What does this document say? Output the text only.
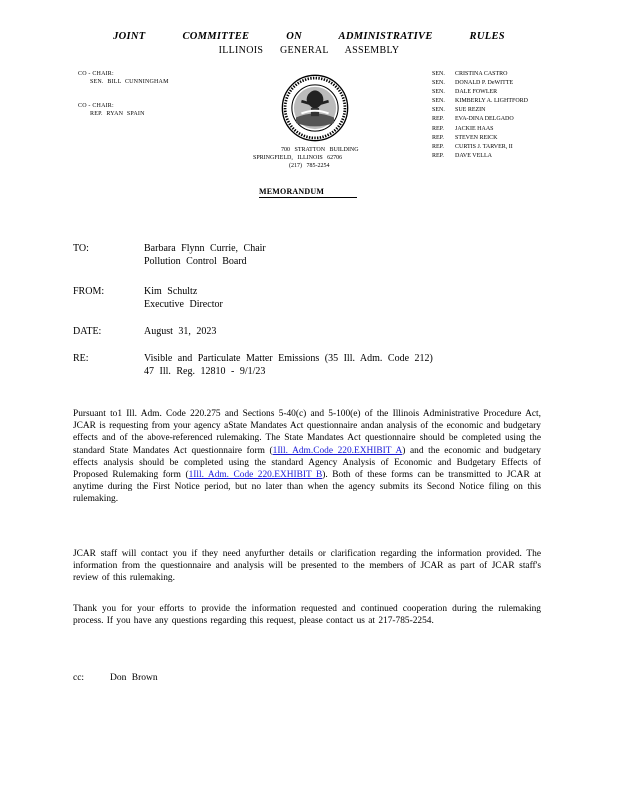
JOINT COMMITTEE ON ADMINISTRATIVE RULES
ILLINOIS GENERAL ASSEMBLY
CO - CHAIR:
SEN. BILL CUNNINGHAM
CO - CHAIR:
REP. RYAN SPAIN
SEN. CRISTINA CASTRO
SEN. DONALD P. DeWITTE
SEN. DALE FOWLER
SEN. KIMBERLY A. LIGHTFORD
SEN. SUE REZIN
REP. EVA-DINA DELGADO
REP. JACKIE HAAS
REP. STEVEN REICK
REP. CURTIS J. TARVER, II
REP. DAVE VELLA
700 STRATTON BUILDING
SPRINGFIELD, ILLINOIS 62706
(217) 785-2254
MEMORANDUM
TO:	Barbara Flynn Currie, Chair
Pollution Control Board
FROM:	Kim Schultz
Executive Director
DATE:	August 31, 2023
RE:	Visible and Particulate Matter Emissions (35 Ill. Adm. Code 212)
47 Ill. Reg. 12810 - 9/1/23
Pursuant to1 Ill. Adm. Code 220.275 and Sections 5-40(c) and 5-100(e) of the Illinois Administrative Procedure Act, JCAR is requesting from your agency aState Mandates Act questionnaire andan analysis of the economic and budgetary effects and of the above-referenced rulemaking. The State Mandates Act questionnaire should be completed using the standard State Mandates Act questionnaire form (1Ill. Adm.Code 220.EXHIBIT A) and the economic and budgetary effects analysis should be completed using the standard Agency Analysis of Economic and Budgetary Effects of Proposed Rulemaking form (1Ill. Adm. Code 220.EXHIBIT B). Both of these forms can be transmitted to JCAR at anytime during the First Notice period, but no later than when the agency submits its Second Notice filing on this rulemaking.
JCAR staff will contact you if they need anyfurther details or clarification regarding the information provided. The information from the questionnaire and analysis will be presented to the members of JCAR as part of JCAR staff's review of this rulemaking.
Thank you for your efforts to provide the information requested and continued cooperation during the rulemaking process. If you have any questions regarding this request, please contact us at 217-785-2254.
cc:	Don Brown
